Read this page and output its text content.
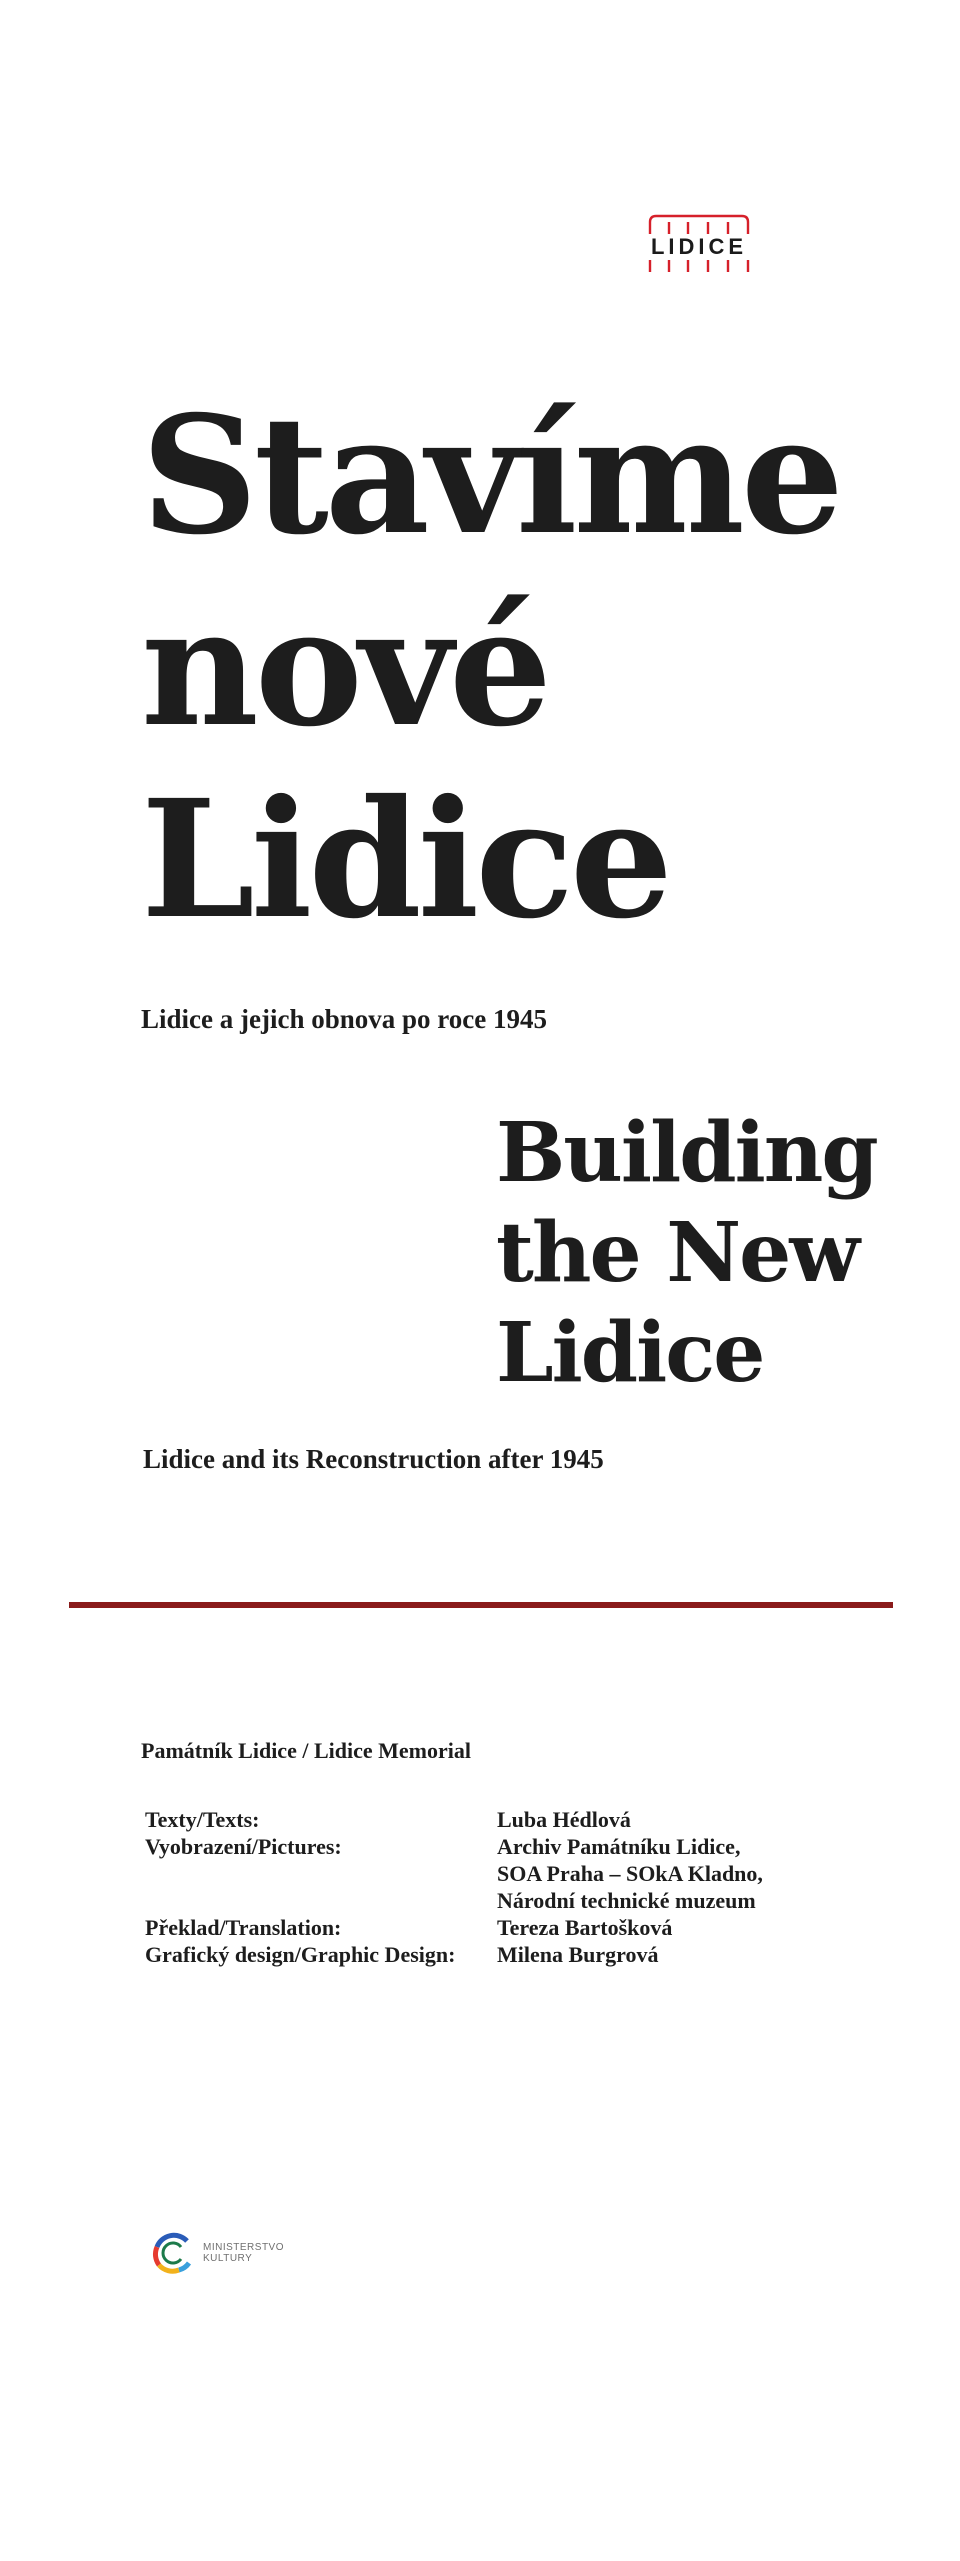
LIDICE
Stavíme
nové
Lidice
Lidice a jejich obnova po roce 1945
Building
the New
Lidice
Lidice and its Reconstruction after 1945
Památník Lidice / Lidice Memorial
Texty/Texts:	Luba Hédlová
Vyobrazení/Pictures:	Archiv Památníku Lidice,
SOA Praha – SOkA Kladno,
Národní technické muzeum
Překlad/Translation:	Tereza Bartošková
Grafický design/Graphic Design:	Milena Burgrová
MINISTERSTVO
KULTURY
